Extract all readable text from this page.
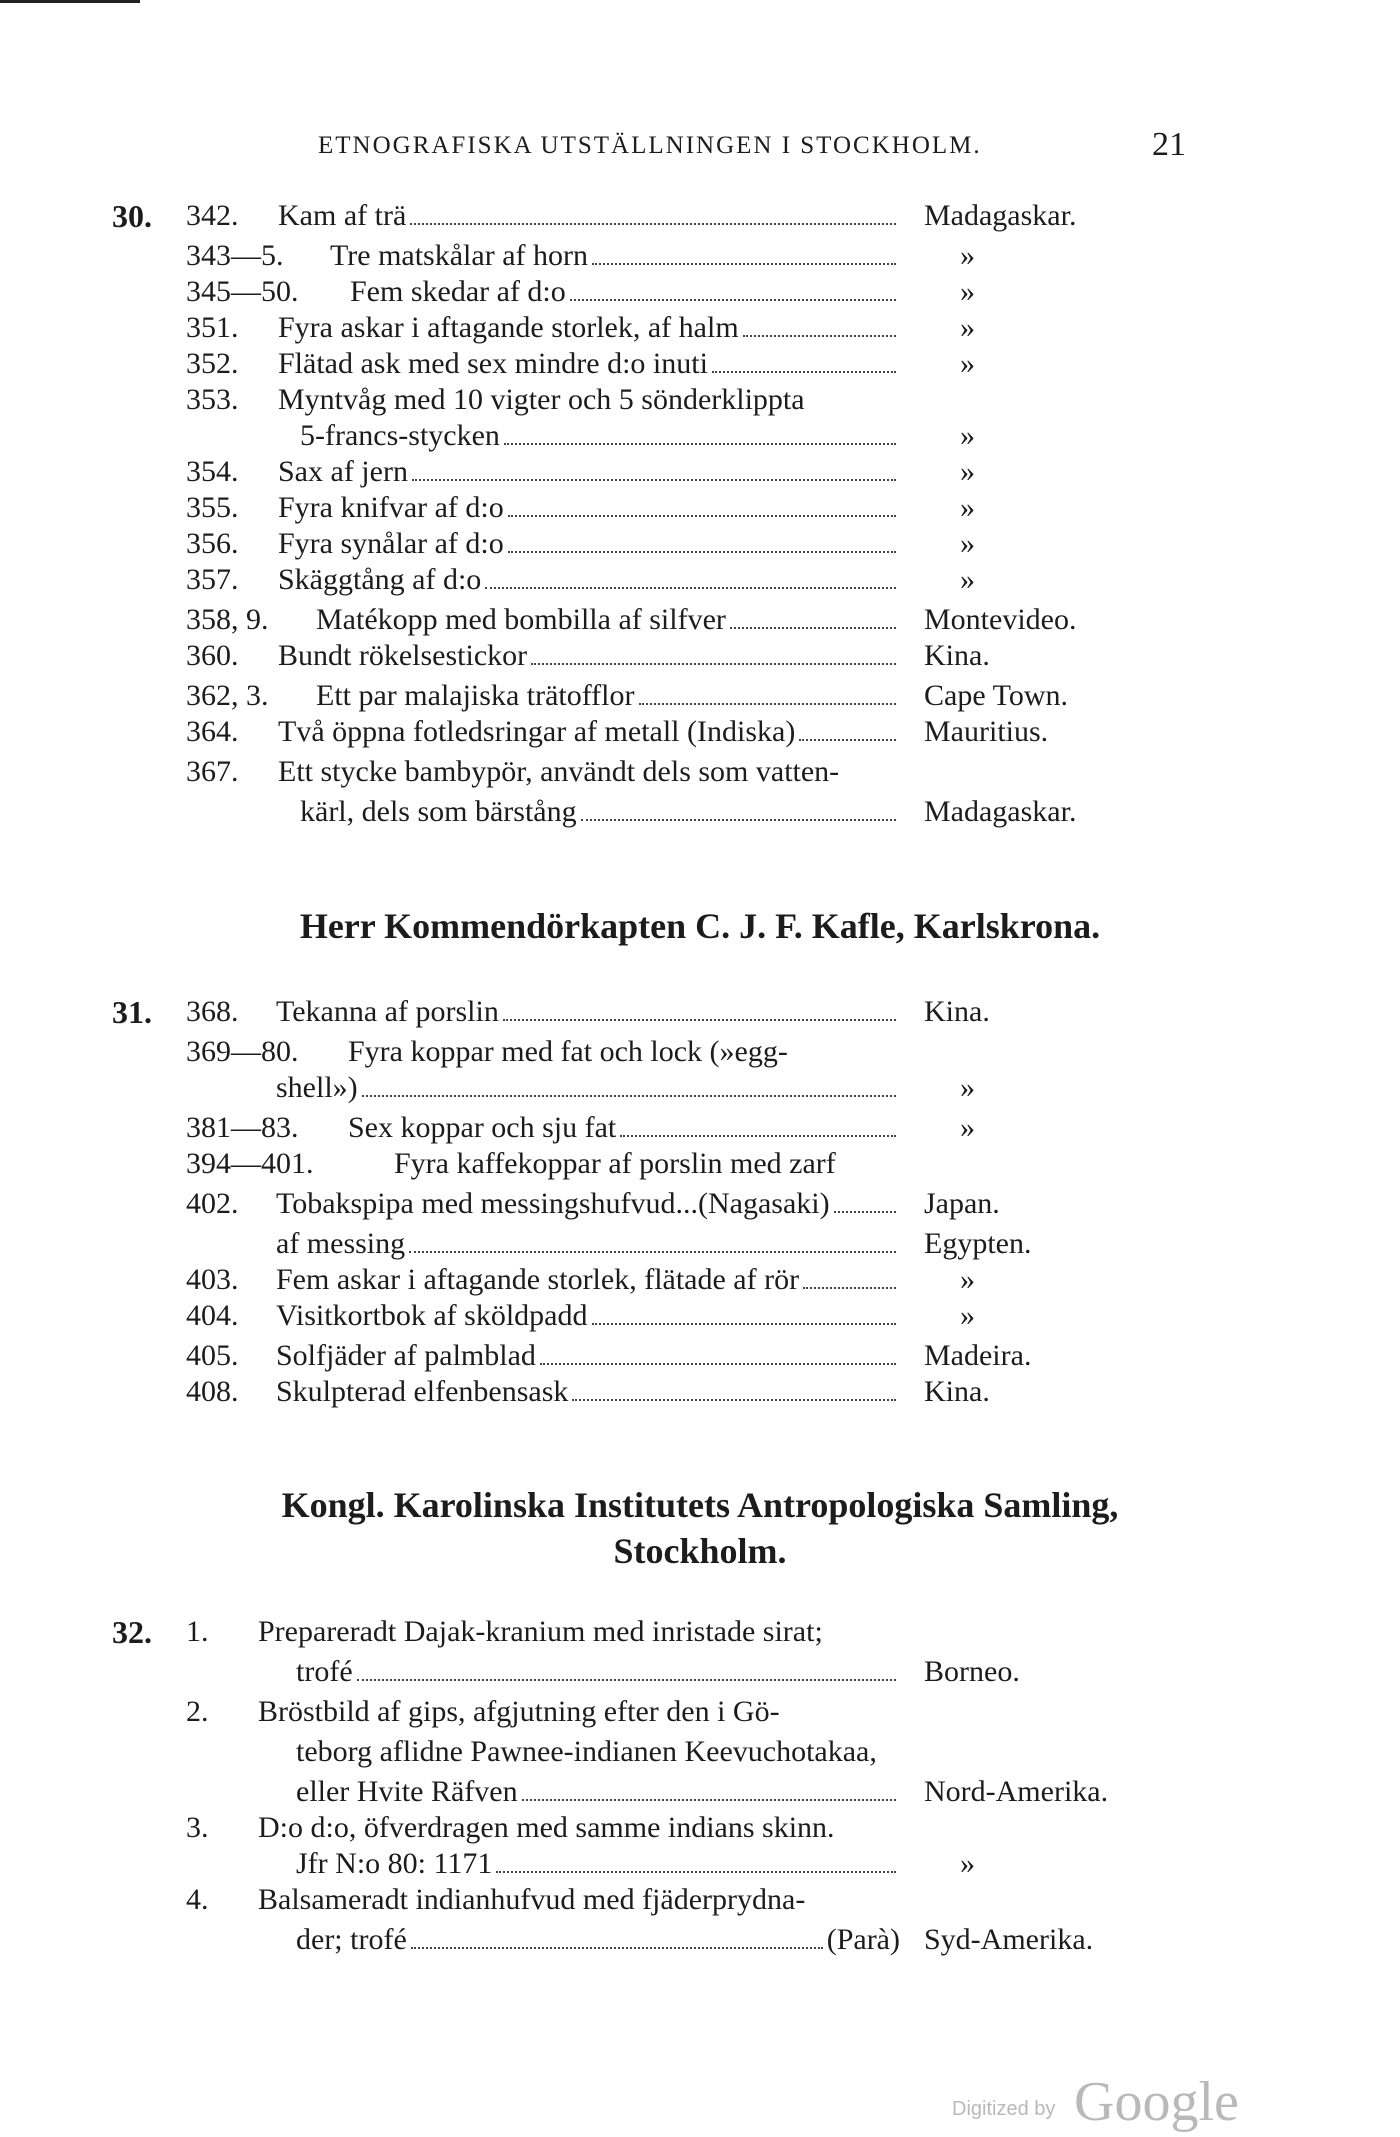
ETNOGRAFISKA UTSTÄLLNINGEN I STOCKHOLM.	21
30. 342. Kam af trä	Madagaskar.
343—5. Tre matskålar af horn	»
345—50. Fem skedar af d:o	»
351. Fyra askar i aftagande storlek, af halm	»
352. Flätad ask med sex mindre d:o inuti	»
353. Myntvåg med 10 vigter och 5 sönderklippta
5-francs-stycken	»
354. Sax af jern	»
355. Fyra knifvar af d:o	»
356. Fyra synålar af d:o	»
357. Skäggtång af d:o	»
358, 9. Matékopp med bombilla af silfver	Montevideo.
360. Bundt rökelsestickor	Kina.
362, 3. Ett par malajiska trätofflor	Cape Town.
364. Två öppna fotledsringar af metall (Indiska)	Mauritius.
367. Ett stycke bambурör, användt dels som vatten-
kärl, dels som bärstång	Madagaskar.
Herr Kommendörkapten C. J. F. Kafle, Karlskrona.
31. 368. Tekanna af porslin	Kina.
369—80. Fyra koppar med fat och lock (»egg-
shell»)	»
381—83. Sex koppar och sju fat	»
394—401.	Fyra kaffekoppar af porslin med zarf
af messing	Egypten.
402. Tobakspipa med messingshufvud...(Nagasaki)	Japan.
403. Fem askar i aftagande storlek, flätade af rör	»
404. Visitkortbok af sköldpadd	»
405. Solfjäder af palmblad	Madeira.
408. Skulpterad elfenbensask	Kina.
Kongl. Karolinska Institutets Antropologiska Samling,
Stockholm.
32. 1. Prepareradt Dajak-kranium med inristade sirat;
trofé	Borneo.
2. Bröstbild af gips, afgjutning efter den i Gö-
teborg aflidne Pawnee-indianen Keevuchotakaa,
eller Hvite Räfven	Nord-Amerika.
3. D:o d:o, öfverdragen med samme indians skinn.
Jfr N:o 80: 1171	»
4. Balsameradt indianhufvud med fjäderprydna-
der; trofé	(Parà) Syd-Amerika.
Digitized by Google
